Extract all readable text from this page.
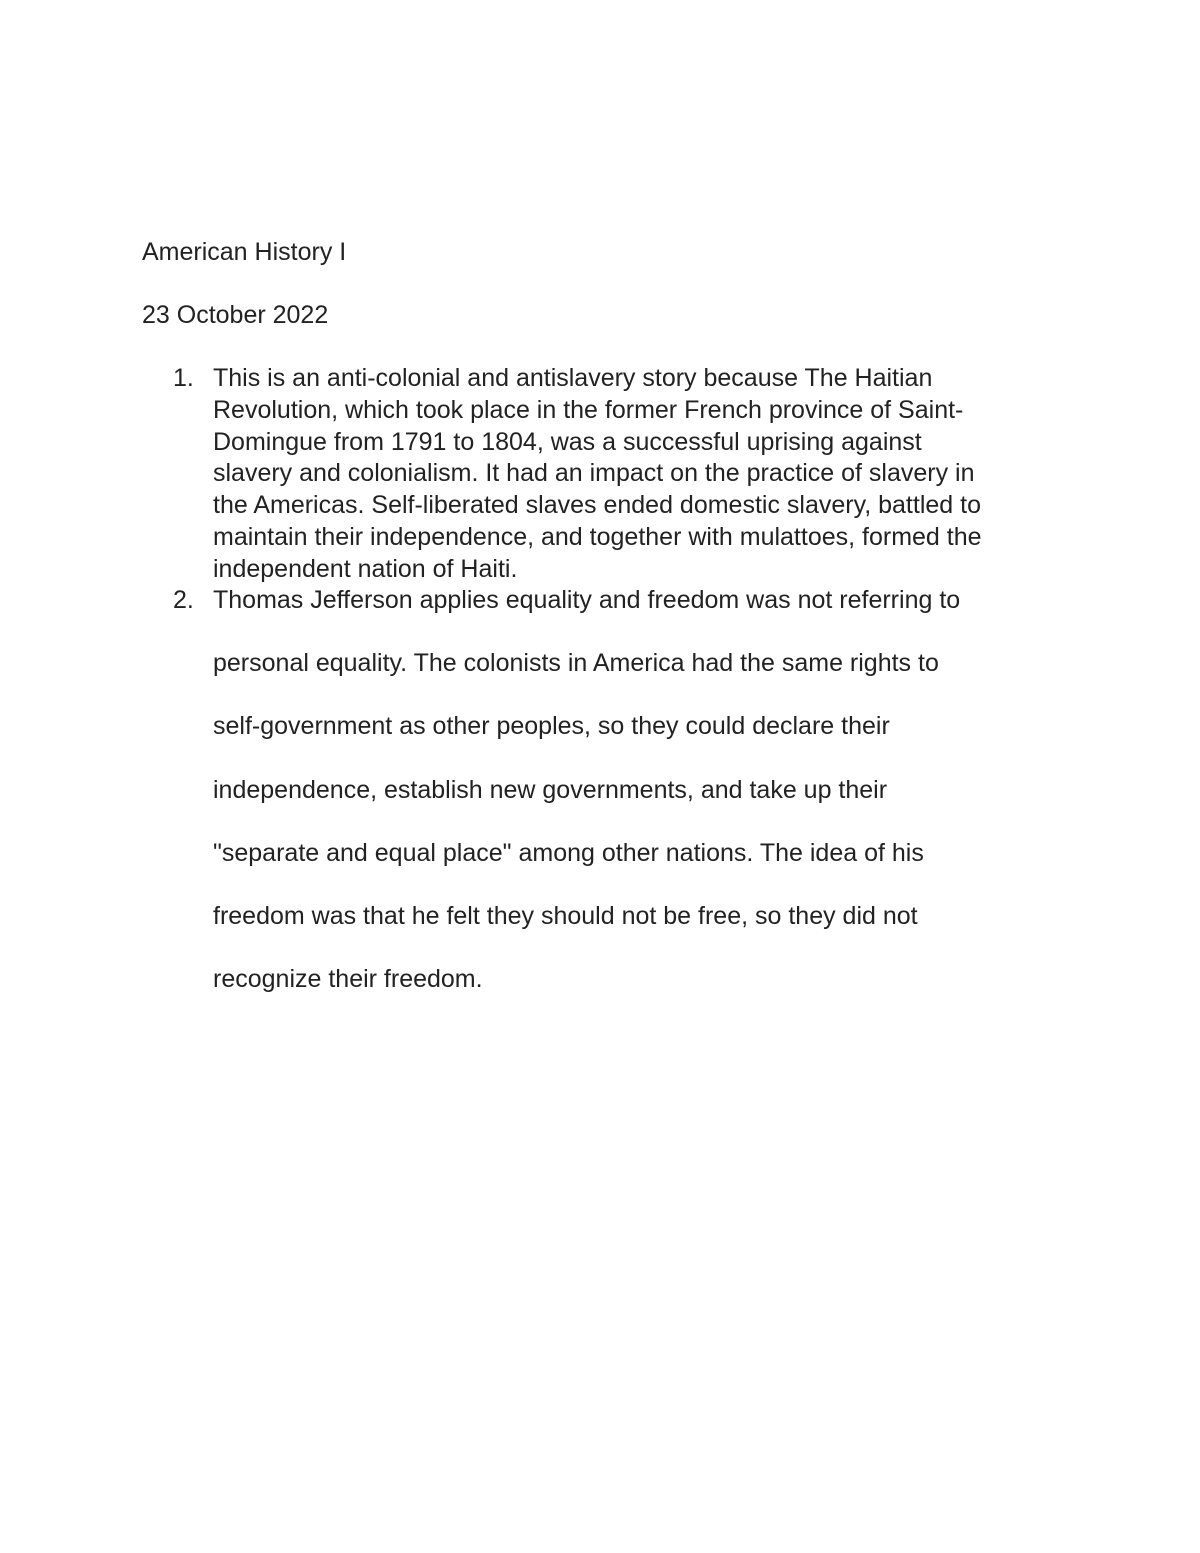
American History I

23 October 2022

1. This is an anti-colonial and antislavery story because The Haitian
Revolution, which took place in the former French province of Saint-
Domingue from 1791 to 1804, was a successful uprising against
slavery and colonialism. It had an impact on the practice of slavery in
the Americas. Self-liberated slaves ended domestic slavery, battled to
maintain their independence, and together with mulattoes, formed the
independent nation of Haiti.
2. Thomas Jefferson applies equality and freedom was not referring to
personal equality. The colonists in America had the same rights to
self-government as other peoples, so they could declare their
independence, establish new governments, and take up their
"separate and equal place" among other nations. The idea of his
freedom was that he felt they should not be free, so they did not
recognize their freedom.
